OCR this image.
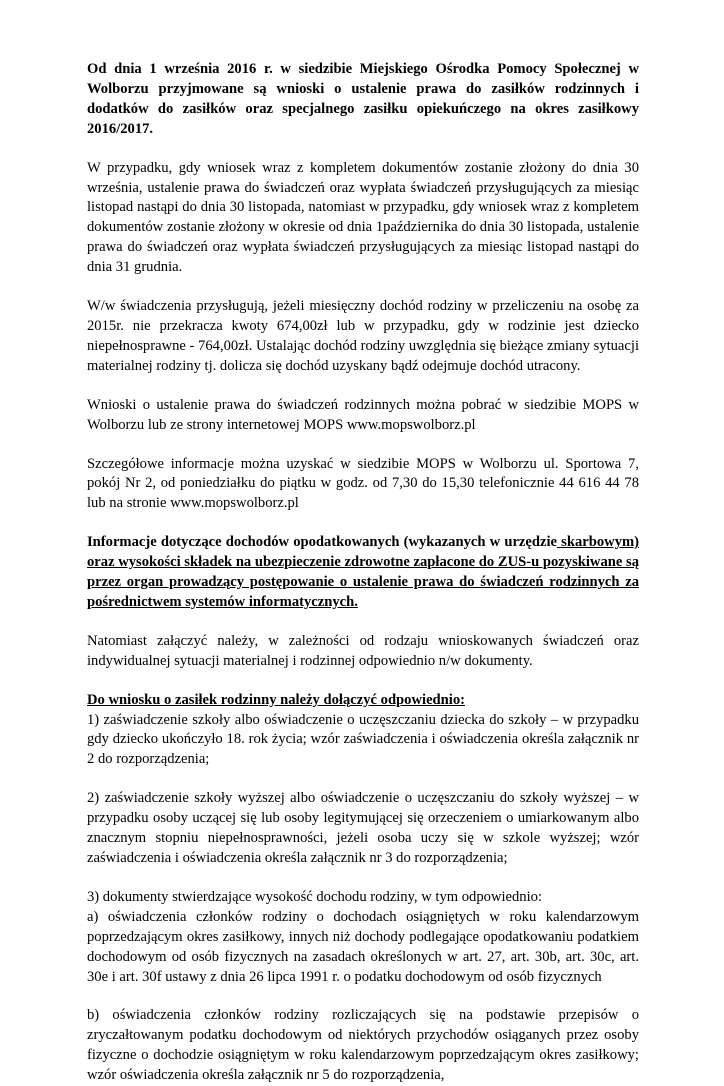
Od dnia 1 września 2016 r. w siedzibie Miejskiego Ośrodka Pomocy Społecznej w Wolborzu przyjmowane są wnioski o ustalenie prawa do zasiłków rodzinnych i dodatków do zasiłków oraz specjalnego zasiłku opiekuńczego na okres zasiłkowy 2016/2017.

W przypadku, gdy wniosek wraz z kompletem dokumentów zostanie złożony do dnia 30 września, ustalenie prawa do świadczeń oraz wypłata świadczeń przysługujących za miesiąc listopad nastąpi do dnia 30 listopada, natomiast w przypadku, gdy wniosek wraz z kompletem dokumentów zostanie złożony w okresie od dnia 1października do dnia 30 listopada, ustalenie prawa do świadczeń oraz wypłata świadczeń przysługujących za miesiąc listopad nastąpi do dnia 31 grudnia.

W/w świadczenia przysługują, jeżeli miesięczny dochód rodziny w przeliczeniu na osobę za 2015r. nie przekracza kwoty 674,00zł lub w przypadku, gdy w rodzinie jest dziecko niepełnosprawne - 764,00zł. Ustalając dochód rodziny uwzględnia się bieżące zmiany sytuacji materialnej rodziny tj. dolicza się dochód uzyskany bądź odejmuje dochód utracony.

Wnioski o ustalenie prawa do świadczeń rodzinnych można pobrać w siedzibie MOPS w Wolborzu lub ze strony internetowej MOPS www.mopswolborz.pl

Szczegółowe informacje można uzyskać w siedzibie MOPS w Wolborzu ul. Sportowa 7, pokój Nr 2, od poniedziałku do piątku w godz. od 7,30 do 15,30 telefonicznie 44 616 44 78 lub na stronie www.mopswolborz.pl

Informacje dotyczące dochodów opodatkowanych (wykazanych w urzędzie skarbowym) oraz wysokości składek na ubezpieczenie zdrowotne zapłacone do ZUS-u pozyskiwane są przez organ prowadzący postępowanie o ustalenie prawa do świadczeń rodzinnych za pośrednictwem systemów informatycznych.

Natomiast załączyć należy, w zależności od rodzaju wnioskowanych świadczeń oraz indywidualnej sytuacji materialnej i rodzinnej odpowiednio n/w dokumenty.

Do wniosku o zasiłek rodzinny należy dołączyć odpowiednio:

1) zaświadczenie szkoły albo oświadczenie o uczęszczaniu dziecka do szkoły – w przypadku gdy dziecko ukończyło 18. rok życia; wzór zaświadczenia i oświadczenia określa załącznik nr 2 do rozporządzenia;

2) zaświadczenie szkoły wyższej albo oświadczenie o uczęszczaniu do szkoły wyższej – w przypadku osoby uczącej się lub osoby legitymującej się orzeczeniem o umiarkowanym albo znacznym stopniu niepełnosprawności, jeżeli osoba uczy się w szkole wyższej; wzór zaświadczenia i oświadczenia określa załącznik nr 3 do rozporządzenia;

3) dokumenty stwierdzające wysokość dochodu rodziny, w tym odpowiednio:

a) oświadczenia członków rodziny o dochodach osiągniętych w roku kalendarzowym poprzedzającym okres zasiłkowy, innych niż dochody podlegające opodatkowaniu podatkiem dochodowym od osób fizycznych na zasadach określonych w art. 27, art. 30b, art. 30c, art. 30e i art. 30f ustawy z dnia 26 lipca 1991 r. o podatku dochodowym od osób fizycznych

b) oświadczenia członków rodziny rozliczających się na podstawie przepisów o zryczałtowanym podatku dochodowym od niektórych przychodów osiąganych przez osoby fizyczne o dochodzie osiągniętym w roku kalendarzowym poprzedzającym okres zasiłkowy; wzór oświadczenia określa załącznik nr 5 do rozporządzenia,
